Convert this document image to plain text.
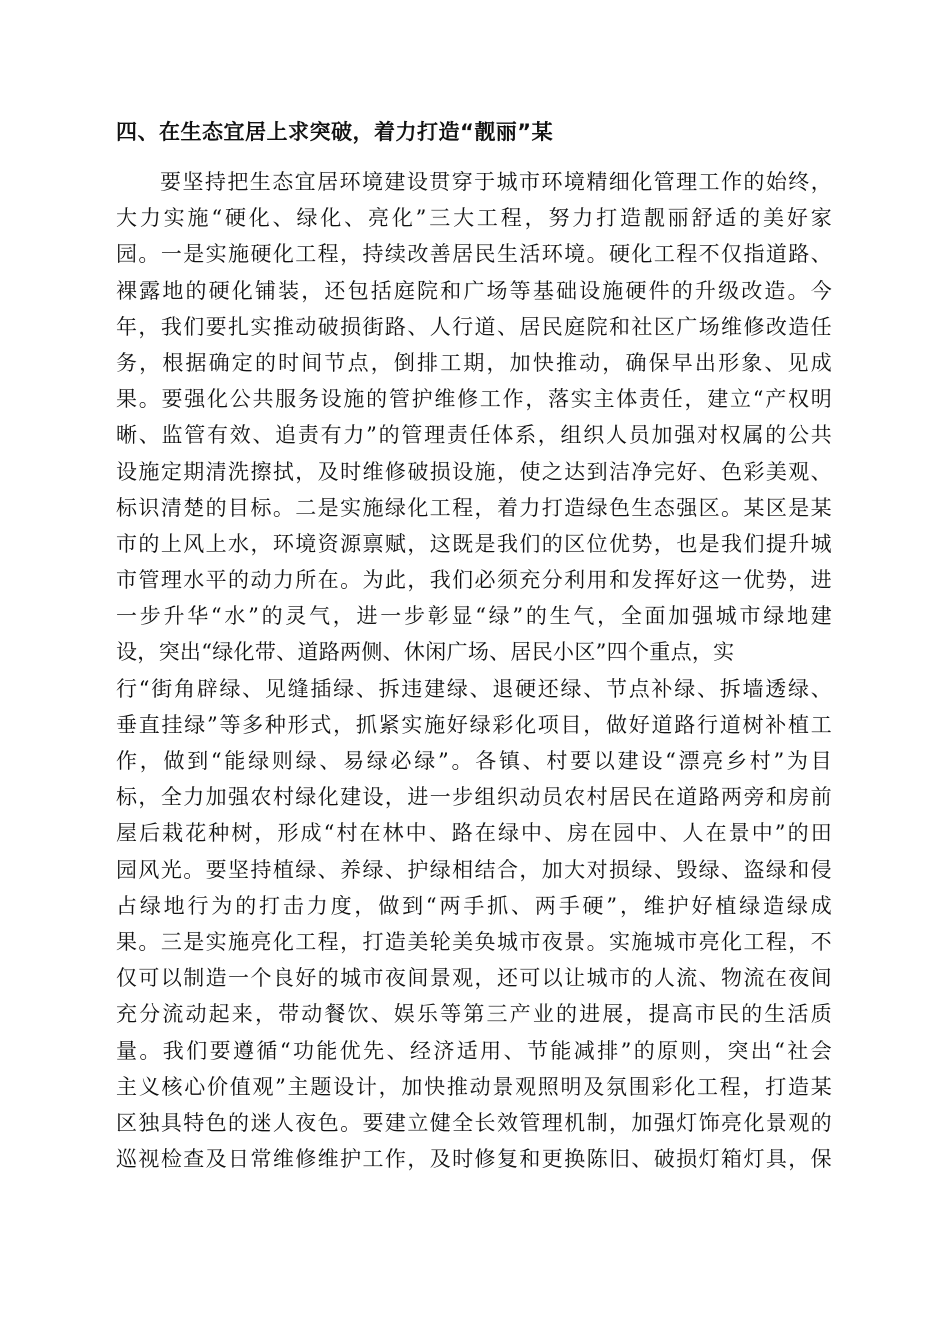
四、在生态宜居上求突破，着力打造“靓丽”某
要坚持把生态宜居环境建设贯穿于城市环境精细化管理工作的始终，
大力实施“硬化、绿化、亮化”三大工程，努力打造靓丽舒适的美好家
园。一是实施硬化工程，持续改善居民生活环境。硬化工程不仅指道路、
裸露地的硬化铺装，还包括庭院和广场等基础设施硬件的升级改造。今
年，我们要扎实推动破损街路、人行道、居民庭院和社区广场维修改造任
务，根据确定的时间节点，倒排工期，加快推动，确保早出形象、见成
果。要强化公共服务设施的管护维修工作，落实主体责任，建立“产权明
晰、监管有效、追责有力”的管理责任体系，组织人员加强对权属的公共
设施定期清洗擦拭，及时维修破损设施，使之达到洁净完好、色彩美观、
标识清楚的目标。二是实施绿化工程，着力打造绿色生态强区。某区是某
市的上风上水，环境资源禀赋，这既是我们的区位优势，也是我们提升城
市管理水平的动力所在。为此，我们必须充分利用和发挥好这一优势，进
一步升华“水”的灵气，进一步彰显“绿”的生气，全面加强城市绿地建
设，突出“绿化带、道路两侧、休闲广场、居民小区”四个重点，实
行“街角辟绿、见缝插绿、拆违建绿、退硬还绿、节点补绿、拆墙透绿、
垂直挂绿”等多种形式，抓紧实施好绿彩化项目，做好道路行道树补植工
作，做到“能绿则绿、易绿必绿”。各镇、村要以建设“漂亮乡村”为目
标，全力加强农村绿化建设，进一步组织动员农村居民在道路两旁和房前
屋后栽花种树，形成“村在林中、路在绿中、房在园中、人在景中”的田
园风光。要坚持植绿、养绿、护绿相结合，加大对损绿、毁绿、盗绿和侵
占绿地行为的打击力度，做到“两手抓、两手硬”，维护好植绿造绿成
果。三是实施亮化工程，打造美轮美奂城市夜景。实施城市亮化工程，不
仅可以制造一个良好的城市夜间景观，还可以让城市的人流、物流在夜间
充分流动起来，带动餐饮、娱乐等第三产业的进展，提高市民的生活质
量。我们要遵循“功能优先、经济适用、节能减排”的原则，突出“社会
主义核心价值观”主题设计，加快推动景观照明及氛围彩化工程，打造某
区独具特色的迷人夜色。要建立健全长效管理机制，加强灯饰亮化景观的
巡视检查及日常维修维护工作，及时修复和更换陈旧、破损灯箱灯具，保
